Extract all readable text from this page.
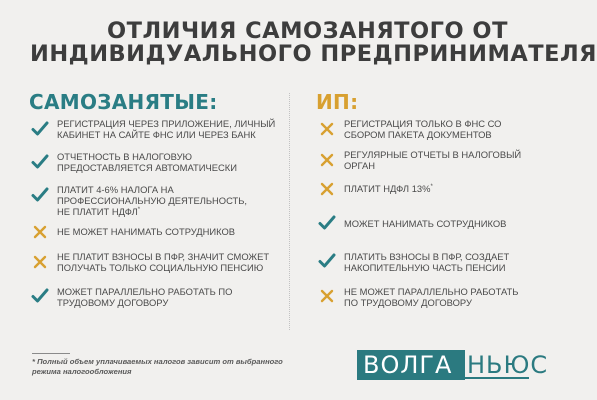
ОТЛИЧИЯ САМОЗАНЯТОГО ОТ
ИНДИВИДУАЛЬНОГО ПРЕДПРИНИМАТЕЛЯ
САМОЗАНЯТЫЕ:	ИП:
РЕГИСТРАЦИЯ ЧЕРЕЗ ПРИЛОЖЕНИЕ, ЛИЧНЫЙ
КАБИНЕТ НА САЙТЕ ФНС ИЛИ ЧЕРЕЗ БАНК
ОТЧЕТНОСТЬ В НАЛОГОВУЮ
ПРЕДОСТАВЛЯЕТСЯ АВТОМАТИЧЕСКИ
ПЛАТИТ 4-6% НАЛОГА НА
ПРОФЕССИОНАЛЬНУЮ ДЕЯТЕЛЬНОСТЬ,
НЕ ПЛАТИТ НДФЛ*
НЕ МОЖЕТ НАНИМАТЬ СОТРУДНИКОВ
НЕ ПЛАТИТ ВЗНОСЫ В ПФР, ЗНАЧИТ СМОЖЕТ
ПОЛУЧАТЬ ТОЛЬКО СОЦИАЛЬНУЮ ПЕНСИЮ
МОЖЕТ ПАРАЛЛЕЛЬНО РАБОТАТЬ ПО
ТРУДОВОМУ ДОГОВОРУ
РЕГИСТРАЦИЯ ТОЛЬКО В ФНС СО
СБОРОМ ПАКЕТА ДОКУМЕНТОВ
РЕГУЛЯРНЫЕ ОТЧЕТЫ В НАЛОГОВЫЙ
ОРГАН
ПЛАТИТ НДФЛ 13%*
МОЖЕТ НАНИМАТЬ СОТРУДНИКОВ
ПЛАТИТЬ ВЗНОСЫ В ПФР, СОЗДАЕТ
НАКОПИТЕЛЬНУЮ ЧАСТЬ ПЕНСИИ
НЕ МОЖЕТ ПАРАЛЛЕЛЬНО РАБОТАТЬ
ПО ТРУДОВОМУ ДОГОВОРУ
* Полный объем уплачиваемых налогов зависит от выбранного
режима налогообложения	ВОЛГА НЬЮС
